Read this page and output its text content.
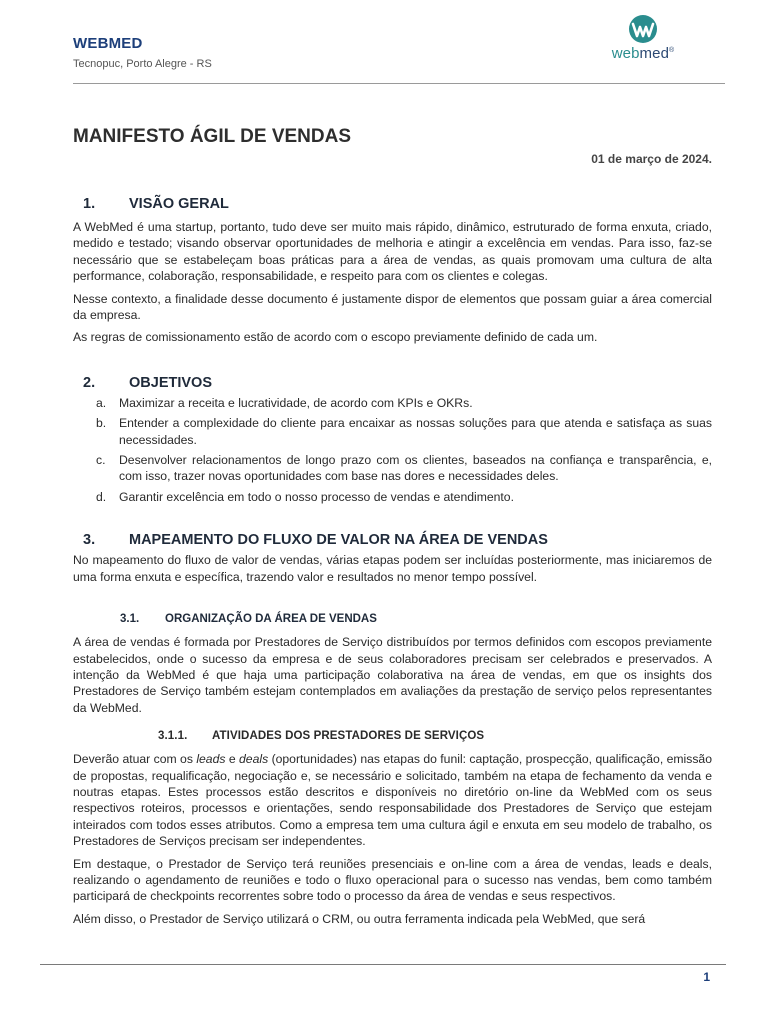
WEBMED
Tecnopuc, Porto Alegre - RS
webmed®
MANIFESTO ÁGIL DE VENDAS
01 de março de 2024.
1.	VISÃO GERAL

A WebMed é uma startup, portanto, tudo deve ser muito mais rápido, dinâmico, estruturado de forma enxuta, criado, medido e testado; visando observar oportunidades de melhoria e atingir a excelência em vendas. Para isso, faz-se necessário que se estabeleçam boas práticas para a área de vendas, as quais promovam uma cultura de alta performance, colaboração, responsabilidade, e respeito para com os clientes e colegas.

Nesse contexto, a finalidade desse documento é justamente dispor de elementos que possam guiar a área comercial da empresa.

As regras de comissionamento estão de acordo com o escopo previamente definido de cada um.

2.	OBJETIVOS
a.	Maximizar a receita e lucratividade, de acordo com KPIs e OKRs.
b.	Entender a complexidade do cliente para encaixar as nossas soluções para que atenda e satisfaça as suas necessidades.
c.	Desenvolver relacionamentos de longo prazo com os clientes, baseados na confiança e transparência, e, com isso, trazer novas oportunidades com base nas dores e necessidades deles.
d.	Garantir excelência em todo o nosso processo de vendas e atendimento.
3.	MAPEAMENTO DO FLUXO DE VALOR NA ÁREA DE VENDAS

No mapeamento do fluxo de valor de vendas, várias etapas podem ser incluídas posteriormente, mas iniciaremos de uma forma enxuta e específica, trazendo valor e resultados no menor tempo possível.

3.1.	ORGANIZAÇÃO DA ÁREA DE VENDAS

A área de vendas é formada por Prestadores de Serviço distribuídos por termos definidos com escopos previamente estabelecidos, onde o sucesso da empresa e de seus colaboradores precisam ser celebrados e preservados. A intenção da WebMed é que haja uma participação colaborativa na área de vendas, em que os insights dos Prestadores de Serviço também estejam contemplados em avaliações da prestação de serviço pelos representantes da WebMed.

3.1.1.	ATIVIDADES DOS PRESTADORES DE SERVIÇOS

Deverão atuar com os leads e deals (oportunidades) nas etapas do funil: captação, prospecção, qualificação, emissão de propostas, requalificação, negociação e, se necessário e solicitado, também na etapa de fechamento da venda e noutras etapas. Estes processos estão descritos e disponíveis no diretório on-line da WebMed com os seus respectivos roteiros, processos e orientações, sendo responsabilidade dos Prestadores de Serviço que estejam inteirados com todos esses atributos. Como a empresa tem uma cultura ágil e enxuta em seu modelo de trabalho, os Prestadores de Serviços precisam ser independentes.

Em destaque, o Prestador de Serviço terá reuniões presenciais e on-line com a área de vendas, leads e deals, realizando o agendamento de reuniões e todo o fluxo operacional para o sucesso nas vendas, bem como também participará de checkpoints recorrentes sobre todo o processo da área de vendas e seus respectivos.

Além disso, o Prestador de Serviço utilizará o CRM, ou outra ferramenta indicada pela WebMed, que será

1
